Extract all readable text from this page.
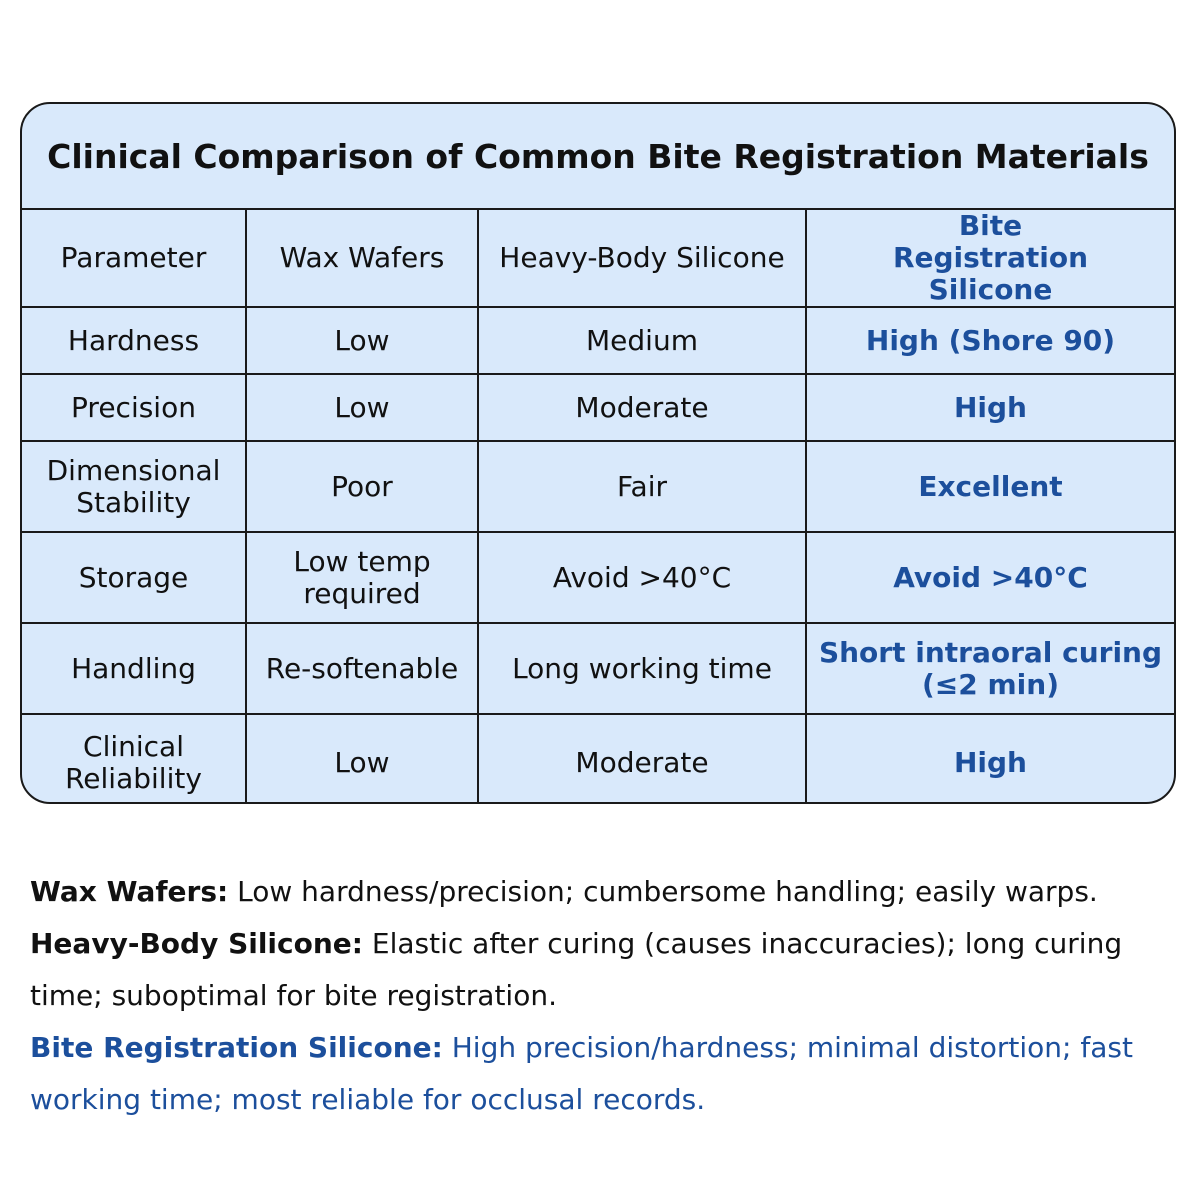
Clinical Comparison of Common Bite Registration Materials
Parameter	Wax Wafers	Heavy-Body Silicone	Bite Registration Silicone
Hardness	Low	Medium	High (Shore 90)
Precision	Low	Moderate	High
Dimensional Stability	Poor	Fair	Excellent
Storage	Low temp required	Avoid >40°C	Avoid >40°C
Handling	Re-softenable	Long working time	Short intraoral curing (≤2 min)
Clinical Reliability	Low	Moderate	High

Wax Wafers: Low hardness/precision; cumbersome handling; easily warps.

Heavy-Body Silicone: Elastic after curing (causes inaccuracies); long curing time; suboptimal for bite registration.

Bite Registration Silicone: High precision/hardness; minimal distortion; fast working time; most reliable for occlusal records.
